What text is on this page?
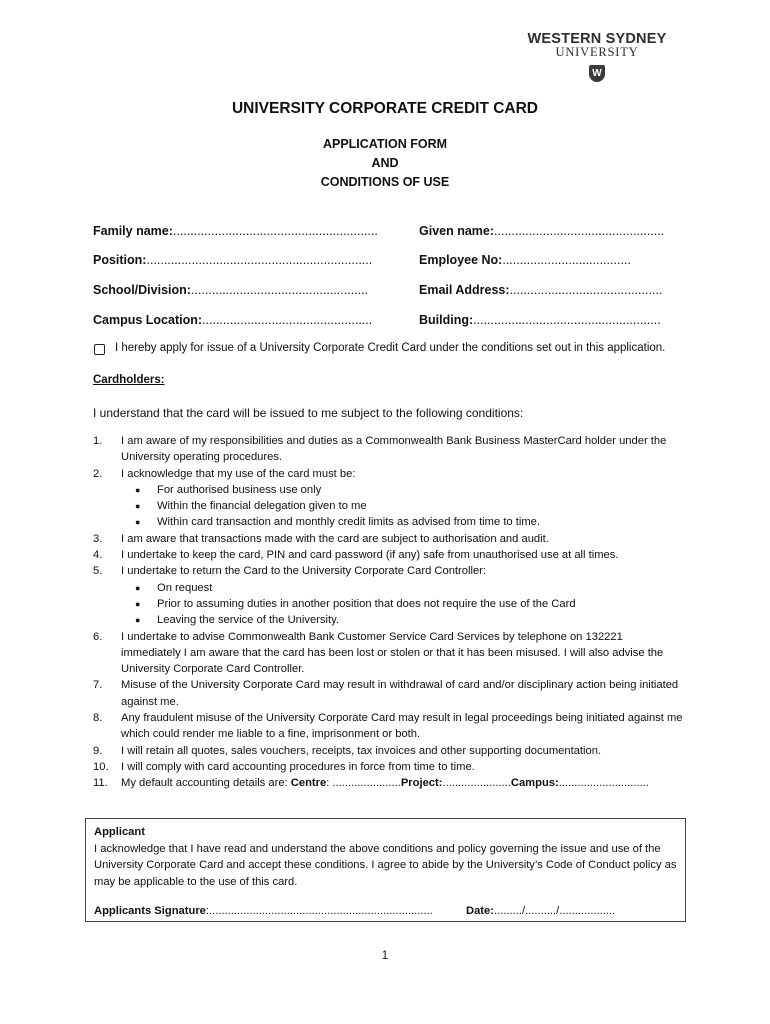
WESTERN SYDNEY
UNIVERSITY
W
UNIVERSITY CORPORATE CREDIT CARD
APPLICATION FORM
AND
CONDITIONS OF USE
Family name:...........................................................	Given name:.................................................
Position:.................................................................	Employee No:.....................................
School/Division:...................................................	Email Address:............................................
Campus Location:.................................................	Building:......................................................
I hereby apply for issue of a University Corporate Credit Card under the conditions set out in this application.
Cardholders:
I understand that the card will be issued to me subject to the following conditions:
1.	I am aware of my responsibilities and duties as a Commonwealth Bank Business MasterCard holder under the University operating procedures.
2.	I acknowledge that my use of the card must be:
●	For authorised business use only
●	Within the financial delegation given to me
●	Within card transaction and monthly credit limits as advised from time to time.
3.	I am aware that transactions made with the card are subject to authorisation and audit.
4.	I undertake to keep the card, PIN and card password (if any) safe from unauthorised use at all times.
5.	I undertake to return the Card to the University Corporate Card Controller:
●	On request
●	Prior to assuming duties in another position that does not require the use of the Card
●	Leaving the service of the University.
6.	I undertake to advise Commonwealth Bank Customer Service Card Services by telephone on 132221 immediately I am aware that the card has been lost or stolen or that it has been misused. I will also advise the University Corporate Card Controller.
7.	Misuse of the University Corporate Card may result in withdrawal of card and/or disciplinary action being initiated against me.
8.	Any fraudulent misuse of the University Corporate Card may result in legal proceedings being initiated against me which could render me liable to a fine, imprisonment or both.
9.	I will retain all quotes, sales vouchers, receipts, tax invoices and other supporting documentation.
10.	I will comply with card accounting procedures in force from time to time.
11.	My default accounting details are: Centre: ......................Project:......................Campus:.............................
Applicant
I acknowledge that I have read and understand the above conditions and policy governing the issue and use of the University Corporate Card and accept these conditions. I agree to abide by the University’s Code of Conduct policy as may be applicable to the use of this card.
Applicants Signature:........................................................................	Date:........./........../..................
1
